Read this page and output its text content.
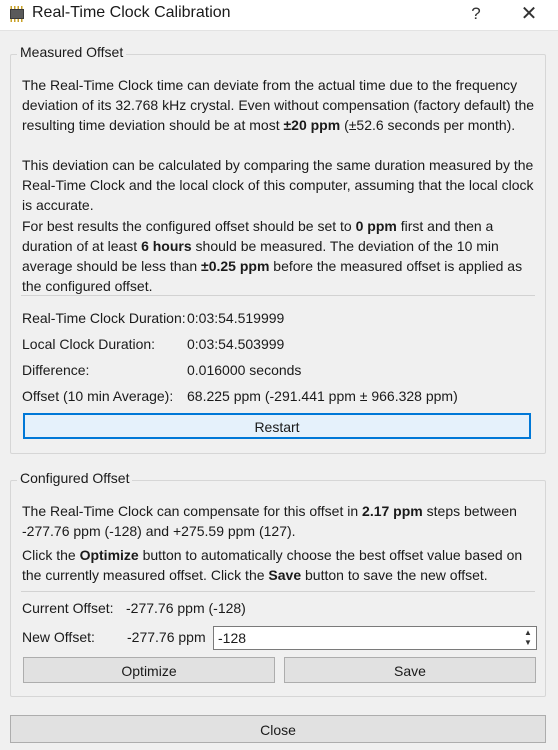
Real-Time Clock Calibration	?	✕
Measured Offset

The Real-Time Clock time can deviate from the actual time due to the frequency deviation of its 32.768 kHz crystal. Even without compensation (factory default) the resulting time deviation should be at most ±20 ppm (±52.6 seconds per month).

This deviation can be calculated by comparing the same duration measured by the Real-Time Clock and the local clock of this computer, assuming that the local clock is accurate.

For best results the configured offset should be set to 0 ppm first and then a duration of at least 6 hours should be measured. The deviation of the 10 min average should be less than ±0.25 ppm before the measured offset is applied as the configured offset.

Real-Time Clock Duration: 0:03:54.519999
Local Clock Duration: 0:03:54.503999
Difference:	0.016000 seconds
Offset (10 min Average): 68.225 ppm (-291.441 ppm ± 966.328 ppm)
Restart
Configured Offset

The Real-Time Clock can compensate for this offset in 2.17 ppm steps between -277.76 ppm (-128) and +275.59 ppm (127).

Click the Optimize button to automatically choose the best offset value based on the currently measured offset. Click the Save button to save the new offset.

Current Offset: -277.76 ppm (-128)
New Offset: -277.76 ppm -128	▲
▼
Optimize	Save
Close
